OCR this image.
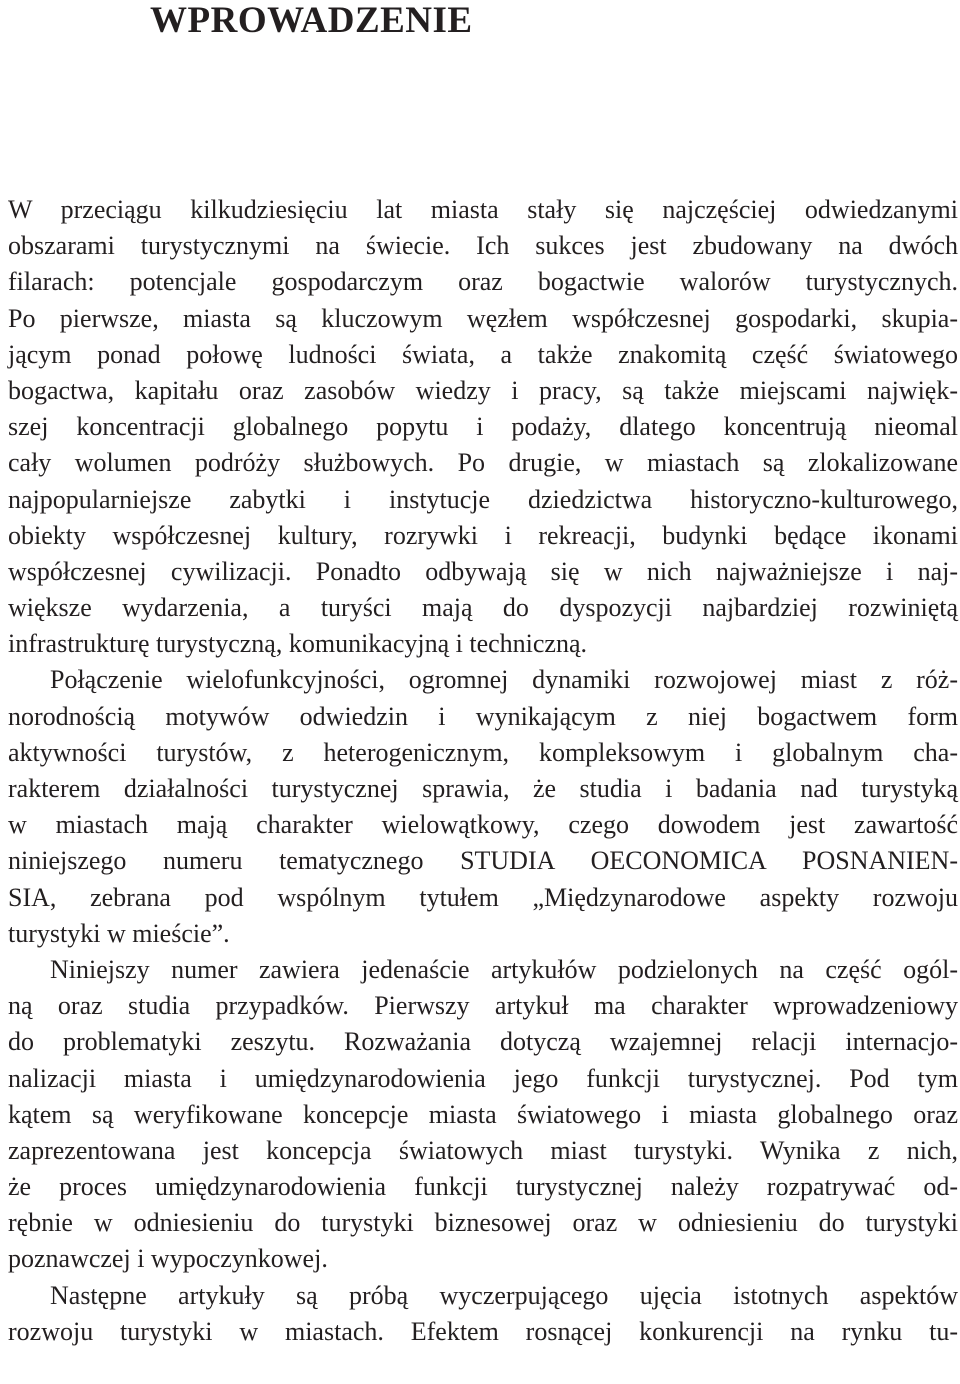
WPROWADZENIE
W przeciągu kilkudziesięciu lat miasta stały się najczęściej odwiedzanymi
obszarami turystycznymi na świecie. Ich sukces jest zbudowany na dwóch
filarach: potencjale gospodarczym oraz bogactwie walorów turystycznych.
Po pierwsze, miasta są kluczowym węzłem współczesnej gospodarki, skupia-
jącym ponad połowę ludności świata, a także znakomitą część światowego
bogactwa, kapitału oraz zasobów wiedzy i pracy, są także miejscami najwięk-
szej koncentracji globalnego popytu i podaży, dlatego koncentrują nieomal
cały wolumen podróży służbowych. Po drugie, w miastach są zlokalizowane
najpopularniejsze zabytki i instytucje dziedzictwa historyczno-kulturowego,
obiekty współczesnej kultury, rozrywki i rekreacji, budynki będące ikonami
współczesnej cywilizacji. Ponadto odbywają się w nich najważniejsze i naj-
większe wydarzenia, a turyści mają do dyspozycji najbardziej rozwiniętą
infrastrukturę turystyczną, komunikacyjną i techniczną.
Połączenie wielofunkcyjności, ogromnej dynamiki rozwojowej miast z róż-
norodnością motywów odwiedzin i wynikającym z niej bogactwem form
aktywności turystów, z heterogenicznym, kompleksowym i globalnym cha-
rakterem działalności turystycznej sprawia, że studia i badania nad turystyką
w miastach mają charakter wielowątkowy, czego dowodem jest zawartość
niniejszego numeru tematycznego STUDIA OECONOMICA POSNANIEN-
SIA, zebrana pod wspólnym tytułem „Międzynarodowe aspekty rozwoju
turystyki w mieście”.
Niniejszy numer zawiera jedenaście artykułów podzielonych na część ogól-
ną oraz studia przypadków. Pierwszy artykuł ma charakter wprowadzeniowy
do problematyki zeszytu. Rozważania dotyczą wzajemnej relacji internacjo-
nalizacji miasta i umiędzynarodowienia jego funkcji turystycznej. Pod tym
kątem są weryfikowane koncepcje miasta światowego i miasta globalnego oraz
zaprezentowana jest koncepcja światowych miast turystyki. Wynika z nich,
że proces umiędzynarodowienia funkcji turystycznej należy rozpatrywać od-
rębnie w odniesieniu do turystyki biznesowej oraz w odniesieniu do turystyki
poznawczej i wypoczynkowej.
Następne artykuły są próbą wyczerpującego ujęcia istotnych aspektów
rozwoju turystyki w miastach. Efektem rosnącej konkurencji na rynku tu-
